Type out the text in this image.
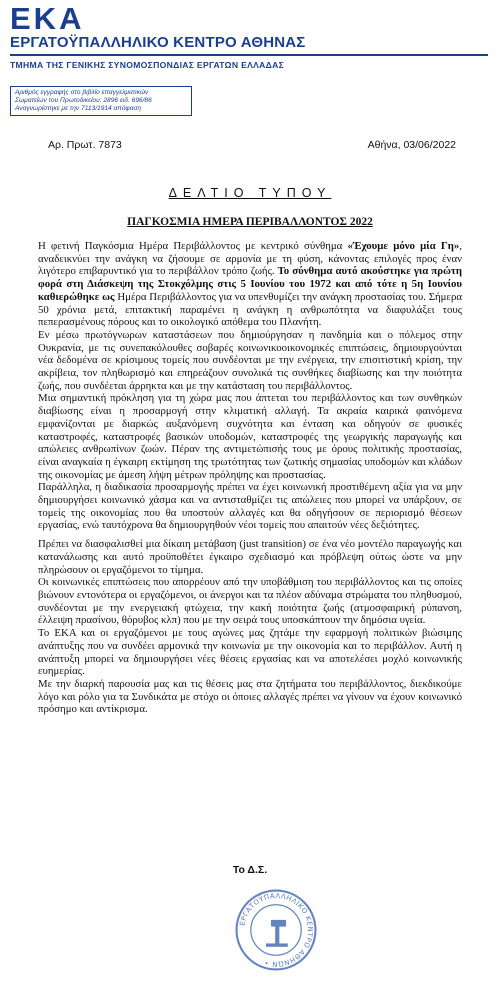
ΕΚΑ
ΕΡΓΑΤΟΫΠΑΛΛΗΛΙΚΟ ΚΕΝΤΡΟ ΑΘΗΝΑΣ
ΤΜΗΜΑ ΤΗΣ ΓΕΝΙΚΗΣ ΣΥΝΟΜΟΣΠΟΝΔΙΑΣ ΕΡΓΑΤΩΝ ΕΛΛΑΔΑΣ
Αριθμός εγγραφής στο βιβλίο επαγγελματικών
Σωματείων του Πρωτοδικείου: 2896 ειδ. 696/86
Αναγνωρίστηκε με την 7113/1914 απόφαση
Αρ. Πρωτ. 7873	Αθήνα, 03/06/2022
ΔΕΛΤΙΟ ΤΥΠΟΥ
ΠΑΓΚΟΣΜΙΑ ΗΜΕΡΑ ΠΕΡΙΒΑΛΛΟΝΤΟΣ 2022

Η φετινή Παγκόσμια Ημέρα Περιβάλλοντος με κεντρικό σύνθημα «Έχουμε μόνο μία Γη», αναδεικνύει την ανάγκη να ζήσουμε σε αρμονία με τη φύση, κάνοντας επιλογές προς έναν λιγότερο επιβαρυντικό για το περιβάλλον τρόπο ζωής. Το σύνθημα αυτό ακούστηκε για πρώτη φορά στη Διάσκεψη της Στοκχόλμης στις 5 Ιουνίου του 1972 και από τότε η 5η Ιουνίου καθιερώθηκε ως Ημέρα Περιβάλλοντος για να υπενθυμίζει την ανάγκη προστασίας του. Σήμερα 50 χρόνια μετά, επιτακτική παραμένει η ανάγκη η ανθρωπότητα να διαφυλάξει τους πεπερασμένους πόρους και το οικολογικό απόθεμα του Πλανήτη.

Εν μέσω πρωτόγνωρων καταστάσεων που δημιούργησαν η πανδημία και ο πόλεμος στην Ουκρανία, με τις συνεπακόλουθες σοβαρές κοινωνικοοικονομικές επιπτώσεις, δημιουργούνται νέα δεδομένα σε κρίσιμους τομείς που συνδέονται με την ενέργεια, την επισιτιστική κρίση, την ακρίβεια, τον πληθωρισμό και επηρεάζουν συνολικά τις συνθήκες διαβίωσης και την ποιότητα ζωής, που συνδέεται άρρηκτα και με την κατάσταση του περιβάλλοντος.

Μια σημαντική πρόκληση για τη χώρα μας που άπτεται του περιβάλλοντος και των συνθηκών διαβίωσης είναι η προσαρμογή στην κλιματική αλλαγή. Τα ακραία καιρικά φαινόμενα εμφανίζονται με διαρκώς αυξανόμενη συχνότητα και ένταση και οδηγούν σε φυσικές καταστροφές, καταστροφές βασικών υποδομών, καταστροφές της γεωργικής παραγωγής και απώλειες ανθρωπίνων ζωών. Πέραν της αντιμετώπισής τους με όρους πολιτικής προστασίας, είναι αναγκαία η έγκαιρη εκτίμηση της τρωτότητας των ζωτικής σημασίας υποδομών και κλάδων της οικονομίας με άμεση λήψη μέτρων πρόληψης και προστασίας.

Παράλληλα, η διαδικασία προσαρμογής πρέπει να έχει κοινωνική προστιθέμενη αξία για να μην δημιουργήσει κοινωνικό χάσμα και να αντισταθμίζει τις απώλειες που μπορεί να υπάρξουν, σε τομείς της οικονομίας που θα υποστούν αλλαγές και θα οδηγήσουν σε περιορισμό θέσεων εργασίας, ενώ ταυτόχρονα θα δημιουργηθούν νέοι τομείς που απαιτούν νέες δεξιότητες.

Πρέπει να διασφαλισθεί μια δίκαιη μετάβαση (just transition) σε ένα νέο μοντέλο παραγωγής και κατανάλωσης και αυτό προϋποθέτει έγκαιρο σχεδιασμό και πρόβλεψη ούτως ώστε να μην πληρώσουν οι εργαζόμενοι το τίμημα.

Οι κοινωνικές επιπτώσεις που απορρέουν από την υποβάθμιση του περιβάλλοντος και τις οποίες βιώνουν εντονότερα οι εργαζόμενοι, οι άνεργοι και τα πλέον αδύναμα στρώματα του πληθυσμού, συνδέονται με την ενεργειακή φτώχεια, την κακή ποιότητα ζωής (ατμοσφαιρική ρύπανση, έλλειψη πρασίνου, θόρυβος κλπ) που με την σειρά τους υποσκάπτουν την δημόσια υγεία.

Το ΕΚΑ και οι εργαζόμενοι με τους αγώνες μας ζητάμε την εφαρμογή πολιτικών βιώσιμης ανάπτυξης που να συνδέει αρμονικά την κοινωνία με την οικονομία και το περιβάλλον. Αυτή η ανάπτυξη μπορεί να δημιουργήσει νέες θέσεις εργασίας και να αποτελέσει μοχλό κοινωνικής ευημερίας.

Με την διαρκή παρουσία μας και τις θέσεις μας στα ζητήματα του περιβάλλοντος, διεκδικούμε λόγο και ρόλο για τα Συνδικάτα με στόχο οι όποιες αλλαγές πρέπει να γίνουν να έχουν κοινωνικό πρόσημο και αντίκρισμα.

Το Δ.Σ.
ΕΡΓΑΤΟΫΠΑΛΛΗΛΙΚΟ ΚΕΝΤΡΟ ΑΘΗΝΩΝ •
